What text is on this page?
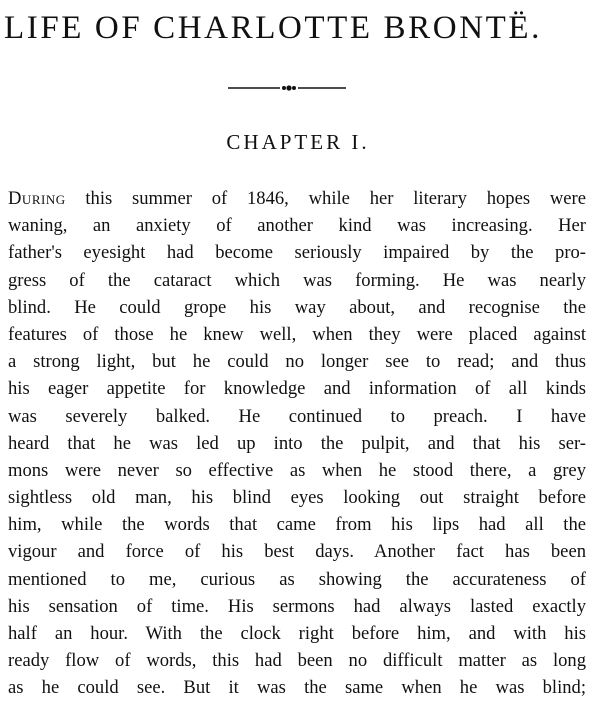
LIFE OF CHARLOTTE BRONTË.
CHAPTER I.
During this summer of 1846, while her literary hopes were
waning, an anxiety of another kind was increasing. Her
father's eyesight had become seriously impaired by the pro-
gress of the cataract which was forming. He was nearly
blind. He could grope his way about, and recognise the
features of those he knew well, when they were placed against
a strong light, but he could no longer see to read; and thus
his eager appetite for knowledge and information of all kinds
was severely balked. He continued to preach. I have
heard that he was led up into the pulpit, and that his ser-
mons were never so effective as when he stood there, a grey
sightless old man, his blind eyes looking out straight before
him, while the words that came from his lips had all the
vigour and force of his best days. Another fact has been
mentioned to me, curious as showing the accurateness of
his sensation of time. His sermons had always lasted exactly
half an hour. With the clock right before him, and with his
ready flow of words, this had been no difficult matter as long
as he could see. But it was the same when he was blind;
